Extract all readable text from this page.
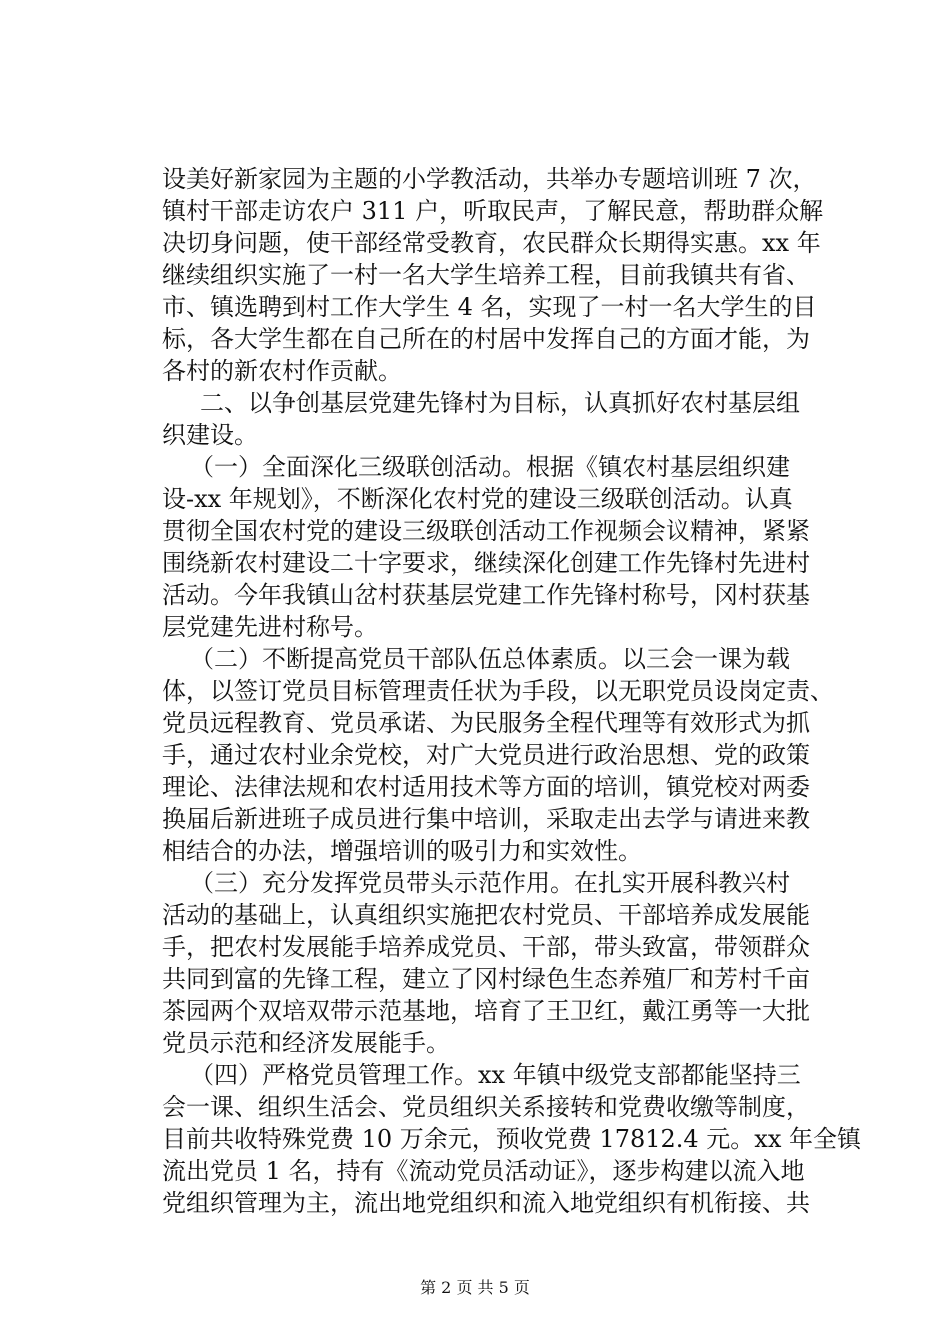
设美好新家园为主题的小学教活动，共举办专题培训班 7 次，
镇村干部走访农户 311 户，听取民声，了解民意，帮助群众解
决切身问题，使干部经常受教育，农民群众长期得实惠。xx 年
继续组织实施了一村一名大学生培养工程，目前我镇共有省、
市、镇选聘到村工作大学生 4 名，实现了一村一名大学生的目
标，各大学生都在自己所在的村居中发挥自己的方面才能，为
各村的新农村作贡献。
二、以争创基层党建先锋村为目标，认真抓好农村基层组
织建设。
（一）全面深化三级联创活动。根据《镇农村基层组织建
设-xx 年规划》，不断深化农村党的建设三级联创活动。认真
贯彻全国农村党的建设三级联创活动工作视频会议精神，紧紧
围绕新农村建设二十字要求，继续深化创建工作先锋村先进村
活动。今年我镇山岔村获基层党建工作先锋村称号，冈村获基
层党建先进村称号。
（二）不断提高党员干部队伍总体素质。以三会一课为载
体，以签订党员目标管理责任状为手段，以无职党员设岗定责、
党员远程教育、党员承诺、为民服务全程代理等有效形式为抓
手，通过农村业余党校，对广大党员进行政治思想、党的政策
理论、法律法规和农村适用技术等方面的培训，镇党校对两委
换届后新进班子成员进行集中培训，采取走出去学与请进来教
相结合的办法，增强培训的吸引力和实效性。
（三）充分发挥党员带头示范作用。在扎实开展科教兴村
活动的基础上，认真组织实施把农村党员、干部培养成发展能
手，把农村发展能手培养成党员、干部，带头致富，带领群众
共同到富的先锋工程，建立了冈村绿色生态养殖厂和芳村千亩
茶园两个双培双带示范基地，培育了王卫红，戴江勇等一大批
党员示范和经济发展能手。
（四）严格党员管理工作。xx 年镇中级党支部都能坚持三
会一课、组织生活会、党员组织关系接转和党费收缴等制度，
目前共收特殊党费 10 万余元，预收党费 17812.4 元。xx 年全镇
流出党员 1 名，持有《流动党员活动证》，逐步构建以流入地
党组织管理为主，流出地党组织和流入地党组织有机衔接、共
第 2 页 共 5 页
